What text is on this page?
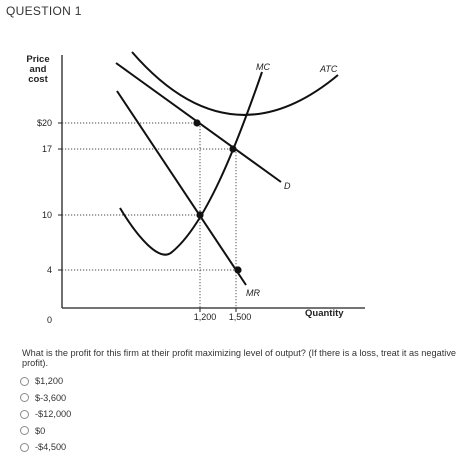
QUESTION 1
Price
and
cost
$20
17
10
4
0	1,200 1,500	Quantity
MC	ATC
D
MR
What is the profit for this firm at their profit maximizing level of output? (If there is a loss, treat it as negative profit).
$1,200
$-3,600
-$12,000
$0
-$4,500
